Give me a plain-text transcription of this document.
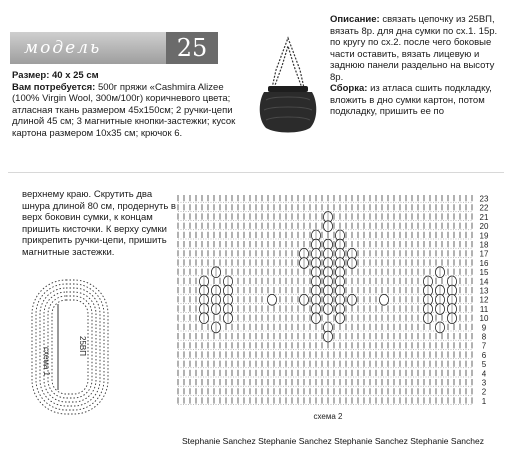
модель	25

Размер: 40 х 25 см

Вам потребуется: 500г пряжи «Cashmira Alizeе (100% Virgin Wool, 300м/100г) коричневого цвета; атласная ткань размером 45х150см; 2 ручки-цепи длиной 45 см; 3 магнитные кнопки-застежки; кусок картона размером 10х35 см; крючок 6.

Описание: связать цепочку из 25ВП, вязать 8р. для дна сумки по сх.1. 15р. по кругу по сх.2. после чего боковые части оставить, вязать лицевую и заднюю панели раздельно на высоту 8р.

Сборка: из атласа сшить подкладку, вложить в дно сумки картон, потом подкладку, пришить ее по

верхнему краю. Скрутить два шнура длиной 80 см, продернуть в верх боковин сумки, к концам пришить кисточки. К верху сумки прикрепить ручки-цепи, пришить магнитные застежки.

схема 1
25ВП
23
22
21
20
19
18
17
16
15
14
13
12
11
10
9
8
7
6
5
4
3
2
1
схема 2
Stephanie Sanchez Stephanie Sanchez Stephanie Sanchez Stephanie Sanchez
